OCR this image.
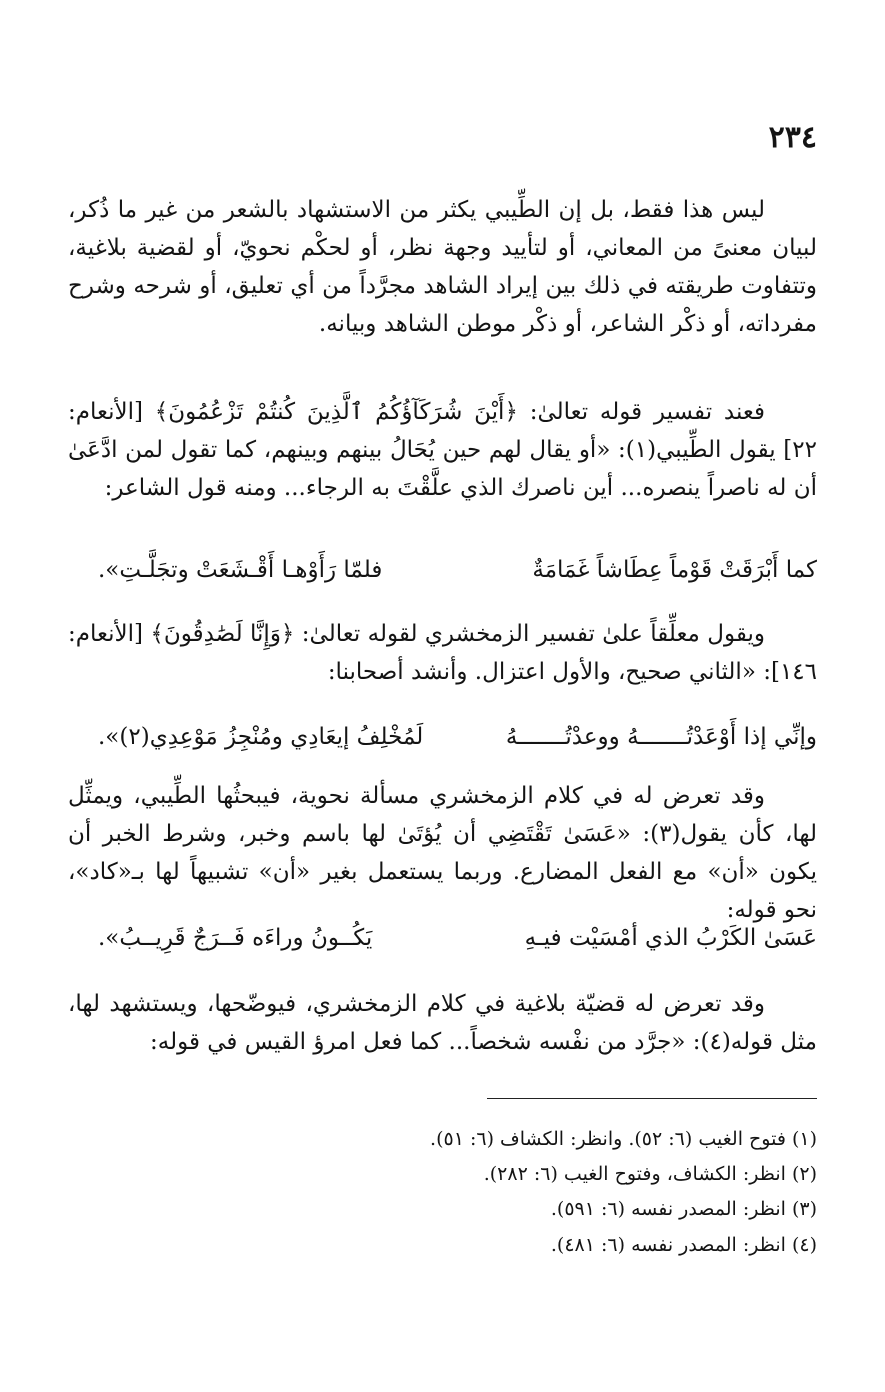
٢٣٤

ليس هذا فقط، بل إن الطِّيبي يكثر من الاستشهاد بالشعر من غير ما ذُكر، لبيان معنىً من المعاني، أو لتأييد وجهة نظر، أو لحكْم نحويّ، أو لقضية بلاغية، وتتفاوت طريقته في ذلك بين إيراد الشاهد مجرَّداً من أي تعليق، أو شرحه وشرح مفرداته، أو ذكْر الشاعر، أو ذكْر موطن الشاهد وبيانه.

فعند تفسير قوله تعالىٰ: ﴿أَيْنَ شُرَكَآؤُكُمُ ٱلَّذِينَ كُنتُمْ تَزْعُمُونَ﴾ [الأنعام: ٢٢] يقول الطِّيبي(١): «أو يقال لهم حين يُحَالُ بينهم وبينهم، كما تقول لمن ادَّعَىٰ أن له ناصراً ينصره... أين ناصرك الذي علَّقْتَ به الرجاء... ومنه قول الشاعر:

كما أَبْرَقَتْ قَوْماً عِطَاشاً غَمَامَةٌ
فلمّا رَأَوْهـا أَقْـشَعَتْ وتجَلَّـتِ».

ويقول معلِّقاً علىٰ تفسير الزمخشري لقوله تعالىٰ: ﴿وَإِنَّا لَصَٰدِقُونَ﴾ [الأنعام: ١٤٦]: «الثاني صحيح، والأول اعتزال. وأنشد أصحابنا:

وإنِّي إذا أَوْعَدْتُـــــــهُ ووعدْتُـــــــهُ
لَمُخْلِفُ إيعَادِي ومُنْجِزُ مَوْعِدِي(٢)».

وقد تعرض له في كلام الزمخشري مسألة نحوية، فيبحثُها الطِّيبي، ويمثِّل لها، كأن يقول(٣): «عَسَىٰ تَقْتَضِي أن يُؤتَىٰ لها باسم وخبر، وشرط الخبر أن يكون «أن» مع الفعل المضارع. وربما يستعمل بغير «أن» تشبيهاً لها بـ«كاد»، نحو قوله:

عَسَىٰ الكَرْبُ الذي أمْسَيْت فيـهِ
يَكُــونُ وراءَه فَــرَجٌ قَرِيــبُ».

وقد تعرض له قضيّة بلاغية في كلام الزمخشري، فيوضّحها، ويستشهد لها، مثل قوله(٤): «جرَّد من نفْسه شخصاً... كما فعل امرؤ القيس في قوله:

(١) فتوح الغيب (٦: ٥٢). وانظر: الكشاف (٦: ٥١).
(٢) انظر: الكشاف، وفتوح الغيب (٦: ٢٨٢).
(٣) انظر: المصدر نفسه (٦: ٥٩١).
(٤) انظر: المصدر نفسه (٦: ٤٨١).
